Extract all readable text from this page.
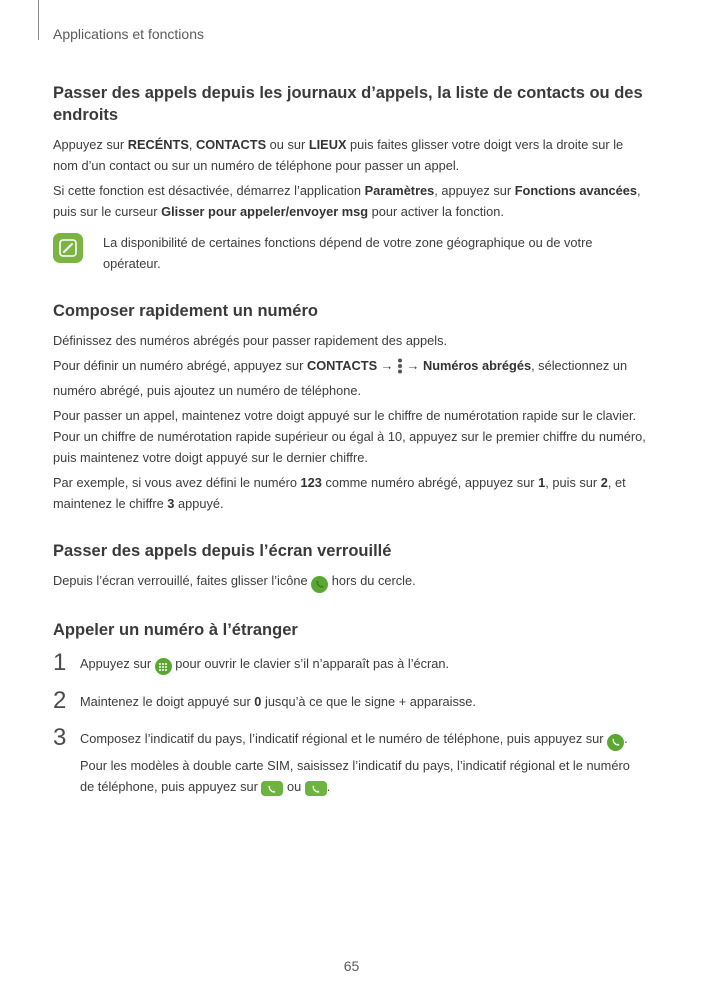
Applications et fonctions
Passer des appels depuis les journaux d’appels, la liste de contacts ou des endroits

Appuyez sur RECÉNTS, CONTACTS ou sur LIEUX puis faites glisser votre doigt vers la droite sur le nom d’un contact ou sur un numéro de téléphone pour passer un appel.

Si cette fonction est désactivée, démarrez l’application Paramètres, appuyez sur Fonctions avancées, puis sur le curseur Glisser pour appeler/envoyer msg pour activer la fonction.

La disponibilité de certaines fonctions dépend de votre zone géographique ou de votre opérateur.

Composer rapidement un numéro

Définissez des numéros abrégés pour passer rapidement des appels.

Pour définir un numéro abrégé, appuyez sur CONTACTS →  → Numéros abrégés, sélectionnez un numéro abrégé, puis ajoutez un numéro de téléphone.

Pour passer un appel, maintenez votre doigt appuyé sur le chiffre de numérotation rapide sur le clavier. Pour un chiffre de numérotation rapide supérieur ou égal à 10, appuyez sur le premier chiffre du numéro, puis maintenez votre doigt appuyé sur le dernier chiffre.

Par exemple, si vous avez défini le numéro 123 comme numéro abrégé, appuyez sur 1, puis sur 2, et maintenez le chiffre 3 appuyé.

Passer des appels depuis l’écran verrouillé

Depuis l’écran verrouillé, faites glisser l’icône
hors du cercle.

Appeler un numéro à l’étranger
1	Appuyez sur
pour ouvrir le clavier s’il n’apparaît pas à l’écran.

2	Maintenez le doigt appuyé sur 0 jusqu’à ce que le signe + apparaisse.

3	Composez l’indicatif du pays, l’indicatif régional et le numéro de téléphone, puis appuyez sur
.

Pour les modèles à double carte SIM, saisissez l’indicatif du pays, l’indicatif régional et le numéro de téléphone, puis appuyez sur
ou
.

65
